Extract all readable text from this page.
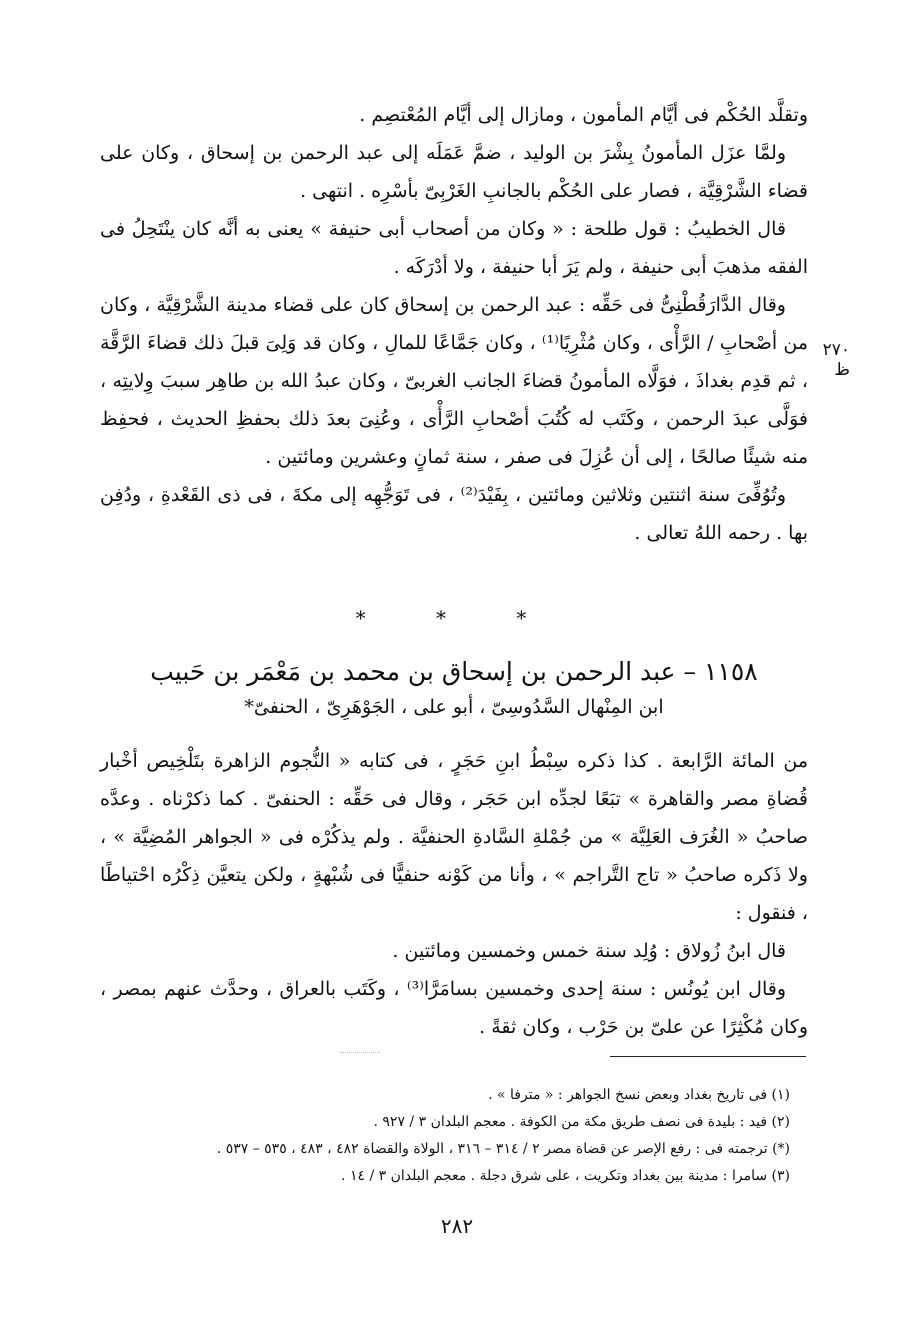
وتقلَّد الحُكْم فى أيَّام المأمون ، ومازال إلى أيَّام المُعْتصِم .

ولمَّا عزَل المأمونُ بِشْرَ بن الوليد ، ضمَّ عَمَلَه إلى عبد الرحمن بن إسحاق ، وكان على قضاء الشَّرْقِيَّة ، فصار على الحُكْم بالجانبِ الغَرْبِىّ بأسْرِه . انتهى .

قال الخطيبُ : قول طلحة : « وكان من أصحاب أبى حنيفة » يعنى به أنَّه كان ينْتَحِلُ فى الفقه مذهبَ أبى حنيفة ، ولم يَرَ أبا حنيفة ، ولا أدْرَكَه .

وقال الدَّارَقُطْنِىُّ فى حَقِّه : عبد الرحمن بن إسحاق كان على قضاء مدينة الشَّرْقِيَّة ، وكان من أصْحابِ / الرَّأْى ، وكان مُثْرِيًا⁽¹⁾ ، وكان جَمَّاعًا للمالِ ، وكان قد وَلِىَ قبلَ ذلك قضاءَ الرَّقَّة ، ثم قدِم بغداذَ ، فوَلَّاه المأمونُ قضاءَ الجانب الغربىّ ، وكان عبدُ الله بن طاهِر سببَ وِلايتِه ، فوَلَّى عبدَ الرحمن ، وكَتَب له كُتُبَ أصْحابِ الرَّأْى ، وعُنِىَ بعدَ ذلك بحفظِ الحديث ، فحفِظ منه شيئًا صالحًا ، إلى أن عُزِلَ فى صفر ، سنة ثمانٍ وعشرين ومائتين .

وتُوُفِّىَ سنة اثنتين وثلاثين ومائتين ، بِفَيْدَ⁽²⁾ ، فى تَوَجُّهِه إلى مكةَ ، فى ذى القَعْدةِ ، ودُفِن بها . رحمه اللهُ تعالى .

٢٧٠ ظ
* * *
١١٥٨ – عبد الرحمن بن إسحاق بن محمد بن مَعْمَر بن حَبيب
ابن المِنْهال السَّدُوسِىّ ، أبو على ، الجَوْهَرِىّ ، الحنفىّ*

من المائة الرَّابعة . كذا ذكره سِبْطُ ابنِ حَجَرٍ ، فى كتابه « النُّجوم الزاهرة بتَلْخِيص أخْبار قُضاةِ مصر والقاهرة » تبَعًا لجدِّه ابن حَجَر ، وقال فى حَقِّه : الحنفىّ . كما ذكرْناه . وعدَّه صاحبُ « الغُرَف العَلِيَّة » من جُمْلةِ السَّادةِ الحنفيَّة . ولم يذكُرْه فى « الجواهر المُضِيَّة » ، ولا ذَكره صاحبُ « تاج التَّراجم » ، وأنا من كَوْنه حنفيًّا فى شُبْهةٍ ، ولكن يتعيَّن ذِكْرُه احْتياطًا ، فنقول :

قال ابنُ زُولاق : وُلِد سنة خمس وخمسين ومائتين .

وقال ابن يُونُس : سنة إحدى وخمسين بسامَرَّا⁽³⁾ ، وكَتَب بالعراق ، وحدَّث عنهم بمصر ، وكان مُكْثِرًا عن علىّ بن حَرْب ، وكان ثقةً .

(١) فى تاريخ بغداد وبعض نسخ الجواهر : « مترفا » .

(٢) فيد : بليدة فى نصف طريق مكة من الكوفة . معجم البلدان ٣ / ٩٢٧ .

(*) ترجمته فى : رفع الإصر عن قضاة مصر ٢ / ٣١٤ – ٣١٦ ، الولاة والقضاة ٤٨٢ ، ٤٨٣ ، ٥٣٥ – ٥٣٧ .

(٣) سامرا : مدينة بين بغداد وتكريت ، على شرق دجلة . معجم البلدان ٣ / ١٤ .

٢٨٢
